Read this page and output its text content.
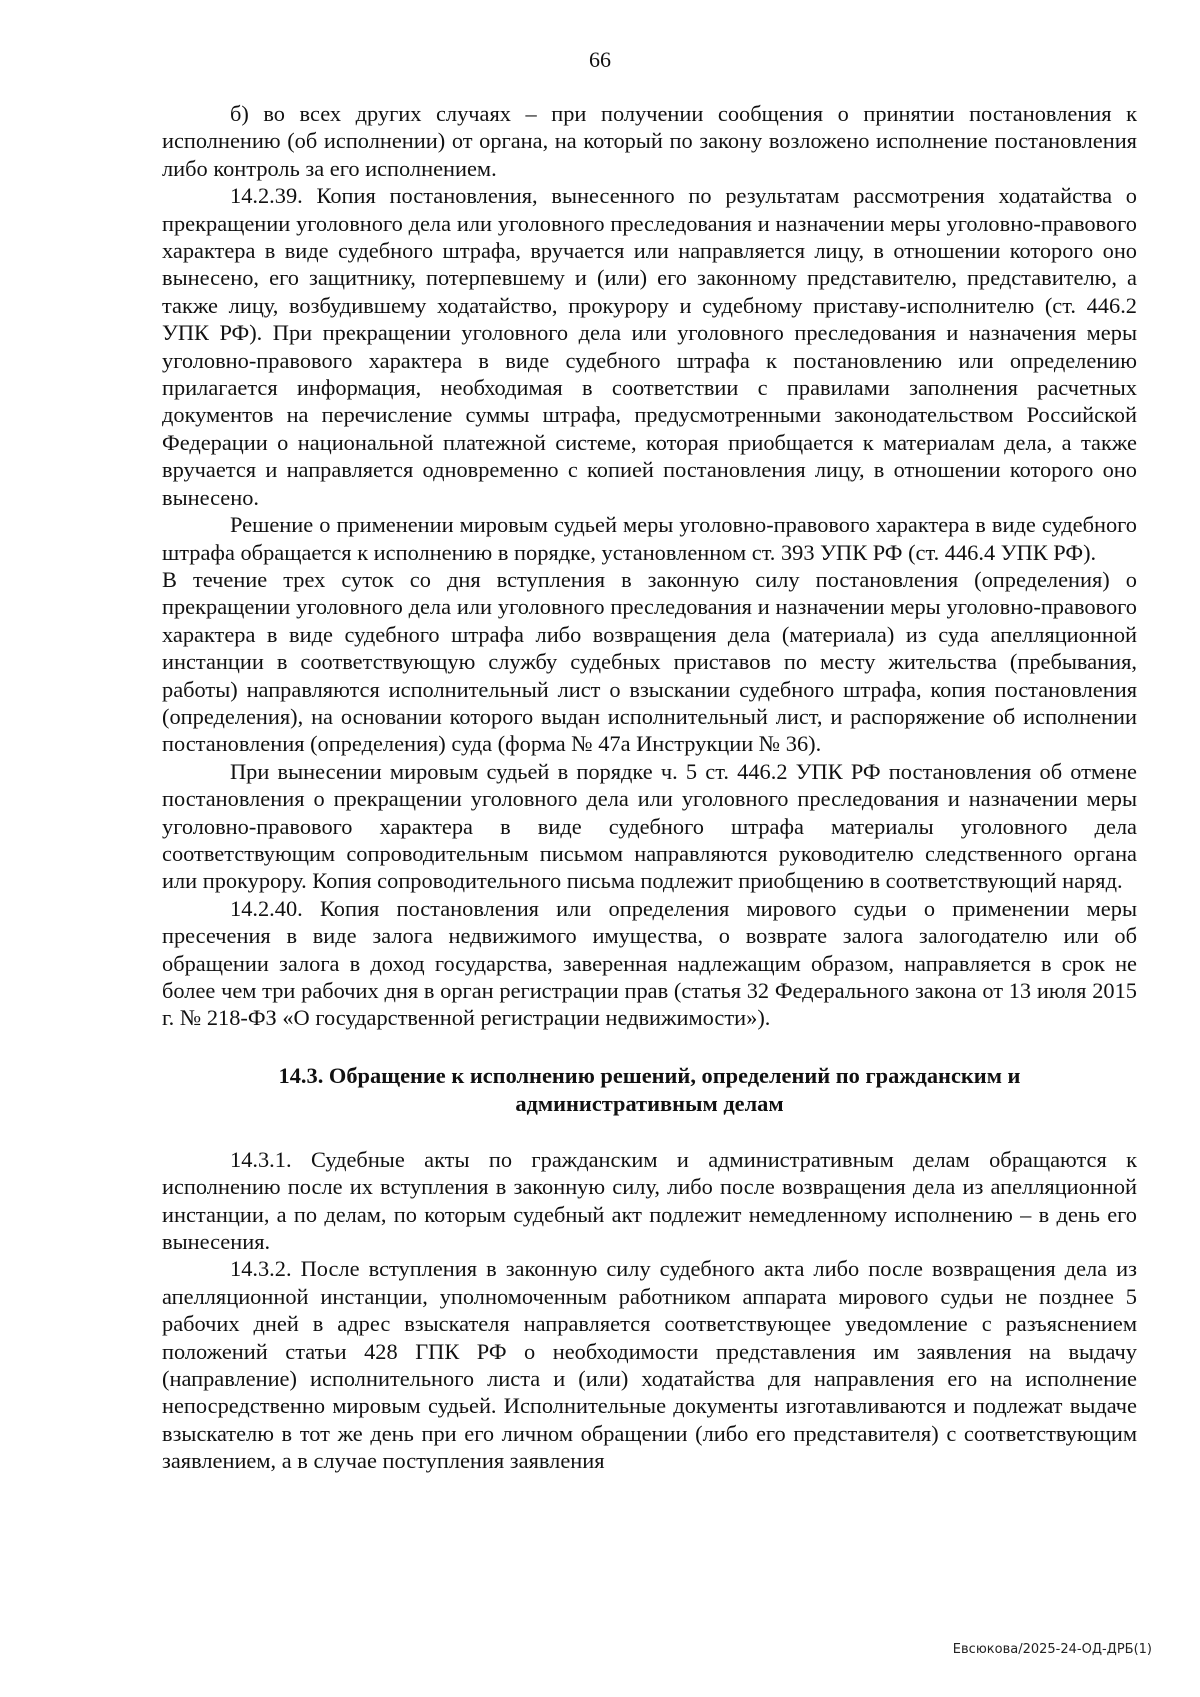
66

б) во всех других случаях – при получении сообщения о принятии постановления к исполнению (об исполнении) от органа, на который по закону возложено исполнение постановления либо контроль за его исполнением.

14.2.39. Копия постановления, вынесенного по результатам рассмотрения ходатайства о прекращении уголовного дела или уголовного преследования и назначении меры уголовно-правового характера в виде судебного штрафа, вручается или направляется лицу, в отношении которого оно вынесено, его защитнику, потерпевшему и (или) его законному представителю, представителю, а также лицу, возбудившему ходатайство, прокурору и судебному приставу-исполнителю (ст. 446.2 УПК РФ). При прекращении уголовного дела или уголовного преследования и назначения меры уголовно-правового характера в виде судебного штрафа к постановлению или определению прилагается информация, необходимая в соответствии с правилами заполнения расчетных документов на перечисление суммы штрафа, предусмотренными законодательством Российской Федерации о национальной платежной системе, которая приобщается к материалам дела, а также вручается и направляется одновременно с копией постановления лицу, в отношении которого оно вынесено.

Решение о применении мировым судьей меры уголовно-правового характера в виде судебного штрафа обращается к исполнению в порядке, установленном ст. 393 УПК РФ (ст. 446.4 УПК РФ).

В течение трех суток со дня вступления в законную силу постановления (определения) о прекращении уголовного дела или уголовного преследования и назначении меры уголовно-правового характера в виде судебного штрафа либо возвращения дела (материала) из суда апелляционной инстанции в соответствующую службу судебных приставов по месту жительства (пребывания, работы) направляются исполнительный лист о взыскании судебного штрафа, копия постановления (определения), на основании которого выдан исполнительный лист, и распоряжение об исполнении постановления (определения) суда (форма № 47а Инструкции № 36).

При вынесении мировым судьей в порядке ч. 5 ст. 446.2 УПК РФ постановления об отмене постановления о прекращении уголовного дела или уголовного преследования и назначении меры уголовно-правового характера в виде судебного штрафа материалы уголовного дела соответствующим сопроводительным письмом направляются руководителю следственного органа или прокурору. Копия сопроводительного письма подлежит приобщению в соответствующий наряд.

14.2.40. Копия постановления или определения мирового судьи о применении меры пресечения в виде залога недвижимого имущества, о возврате залога залогодателю или об обращении залога в доход государства, заверенная надлежащим образом, направляется в срок не более чем три рабочих дня в орган регистрации прав (статья 32 Федерального закона от 13 июля 2015 г. № 218-ФЗ «О государственной регистрации недвижимости»).

14.3. Обращение к исполнению решений, определений по гражданским и административным делам

14.3.1. Судебные акты по гражданским и административным делам обращаются к исполнению после их вступления в законную силу, либо после возвращения дела из апелляционной инстанции, а по делам, по которым судебный акт подлежит немедленному исполнению – в день его вынесения.

14.3.2. После вступления в законную силу судебного акта либо после возвращения дела из апелляционной инстанции, уполномоченным работником аппарата мирового судьи не позднее 5 рабочих дней в адрес взыскателя направляется соответствующее уведомление с разъяснением положений статьи 428 ГПК РФ о необходимости представления им заявления на выдачу (направление) исполнительного листа и (или) ходатайства для направления его на исполнение непосредственно мировым судьей. Исполнительные документы изготавливаются и подлежат выдаче взыскателю в тот же день при его личном обращении (либо его представителя) с соответствующим заявлением, а в случае поступления заявления

Евсюкова/2025-24-ОД-ДРБ(1)
